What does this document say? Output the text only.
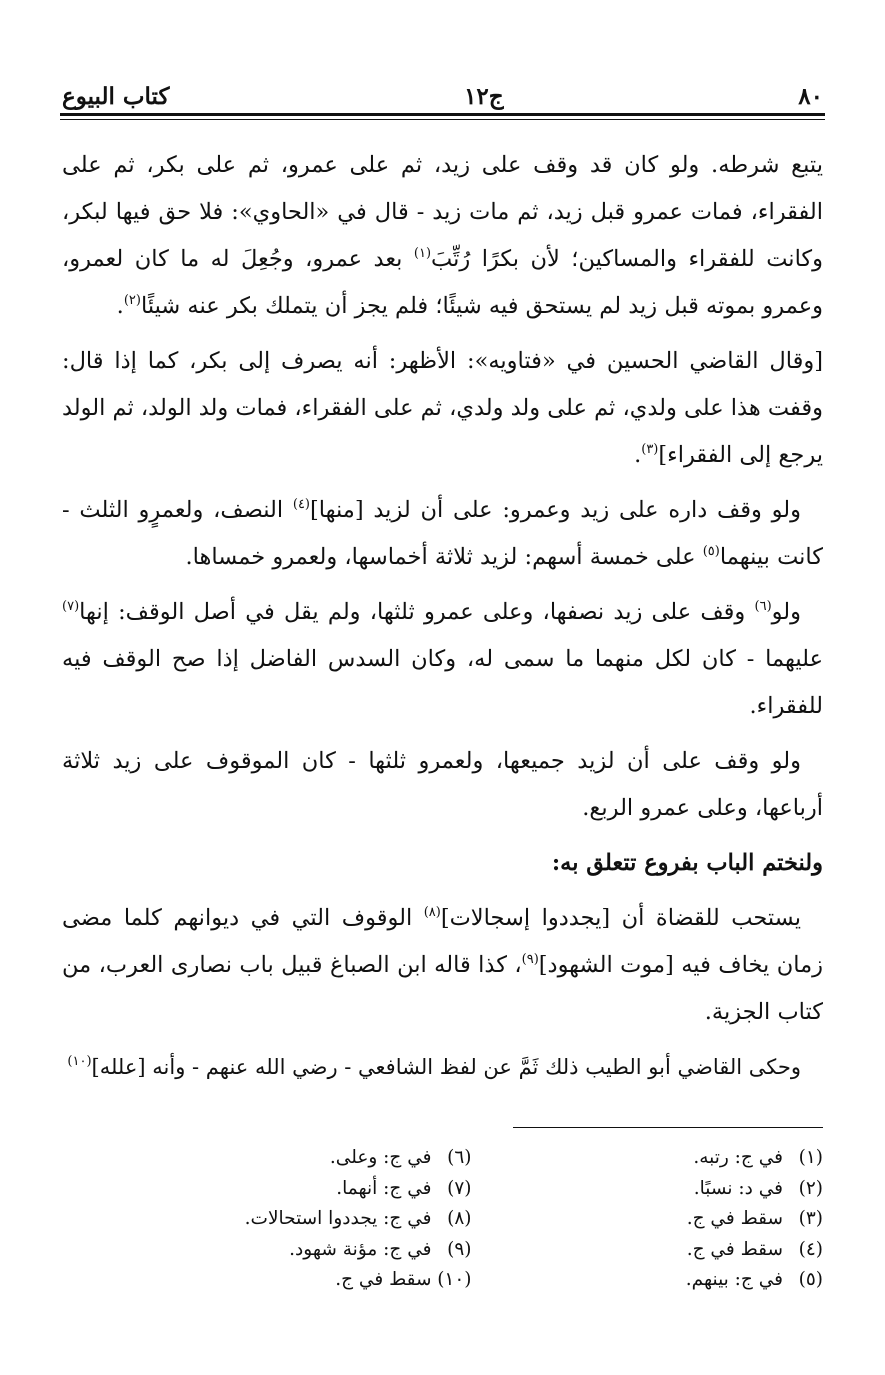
٨٠
ج١٢
كتاب البيوع

يتبع شرطه. ولو كان قد وقف على زيد، ثم على عمرو، ثم على بكر، ثم على الفقراء، فمات عمرو قبل زيد، ثم مات زيد - قال في «الحاوي»: فلا حق فيها لبكر، وكانت للفقراء والمساكين؛ لأن بكرًا رُتِّبَ$^{(١)}$ بعد عمرو، وجُعِلَ له ما كان لعمرو، وعمرو بموته قبل زيد لم يستحق فيه شيئًا؛ فلم يجز أن يتملك بكر عنه شيئًا$^{(٢)}$.

[وقال القاضي الحسين في «فتاويه»: الأظهر: أنه يصرف إلى بكر، كما إذا قال: وقفت هذا على ولدي، ثم على ولد ولدي، ثم على الفقراء، فمات ولد الولد، ثم الولد يرجع إلى الفقراء]$^{(٣)}$.

ولو وقف داره على زيد وعمرو: على أن لزيد [منها]$^{(٤)}$ النصف، ولعمرٍو الثلث - كانت بينهما$^{(٥)}$ على خمسة أسهم: لزيد ثلاثة أخماسها، ولعمرو خمساها.

ولو$^{(٦)}$ وقف على زيد نصفها، وعلى عمرو ثلثها، ولم يقل في أصل الوقف: إنها$^{(٧)}$ عليهما - كان لكل منهما ما سمى له، وكان السدس الفاضل إذا صح الوقف فيه للفقراء.

ولو وقف على أن لزيد جميعها، ولعمرو ثلثها - كان الموقوف على زيد ثلاثة أرباعها، وعلى عمرو الربع.

ولنختم الباب بفروع تتعلق به:

يستحب للقضاة أن [يجددوا إسجالات]$^{(٨)}$ الوقوف التي في ديوانهم كلما مضى زمان يخاف فيه [موت الشهود]$^{(٩)}$، كذا قاله ابن الصباغ قبيل باب نصارى العرب، من كتاب الجزية.

وحكى القاضي أبو الطيب ذلك ثَمَّ عن لفظ الشافعي - رضي الله عنهم - وأنه [علله]$^{(١٠)}$

(١)
في ج: رتبه.
(٢)
في د: نسبًا.
(٣)
سقط في ج.
(٤)
سقط في ج.
(٥)
في ج: بينهم.
(٦)
في ج: وعلى.
(٧)
في ج: أنهما.
(٨)
في ج: يجددوا استحالات.
(٩)
في ج: مؤنة شهود.
(١٠)
سقط في ج.
